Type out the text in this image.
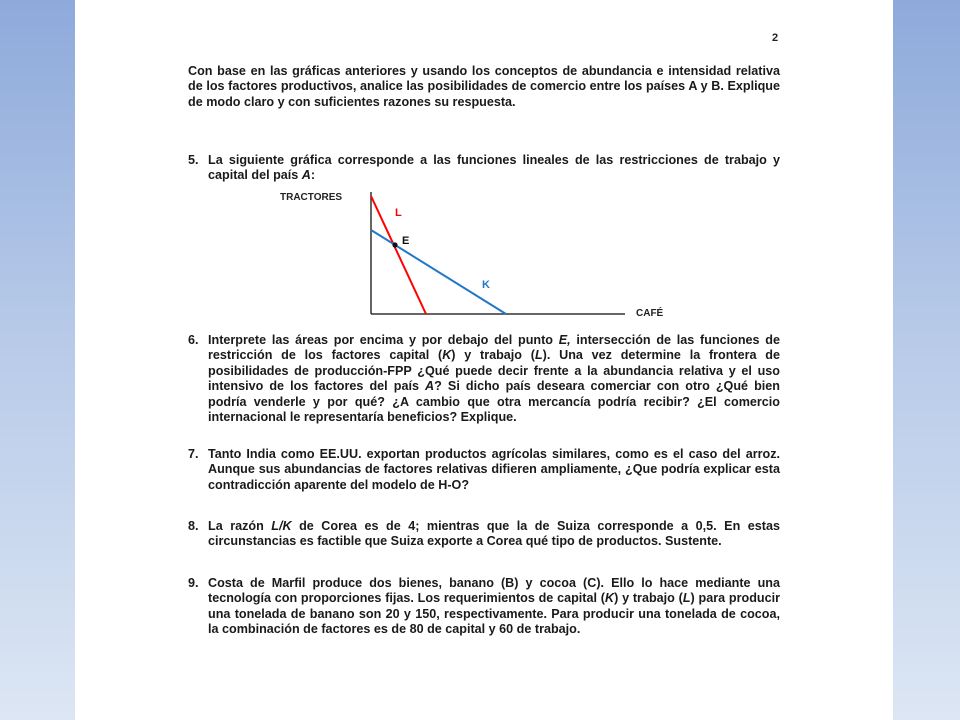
2
Con base en las gráficas anteriores y usando los conceptos de abundancia e intensidad relativa de los factores productivos, analice las posibilidades de comercio entre los países A y B. Explique de modo claro y con suficientes razones su respuesta.
5. La siguiente gráfica corresponde a las funciones lineales de las restricciones de trabajo y capital del país A:
TRACTORES
CAFÉ
L
K
E
6. Interprete las áreas por encima y por debajo del punto E, intersección de las funciones de restricción de los factores capital (K) y trabajo (L). Una vez determine la frontera de posibilidades de producción-FPP ¿Qué puede decir frente a la abundancia relativa y el uso intensivo de los factores del país A? Si dicho país deseara comerciar con otro ¿Qué bien podría venderle y por qué? ¿A cambio que otra mercancía podría recibir? ¿El comercio internacional le representaría beneficios? Explique.
7. Tanto India como EE.UU. exportan productos agrícolas similares, como es el caso del arroz. Aunque sus abundancias de factores relativas difieren ampliamente, ¿Que podría explicar esta contradicción aparente del modelo de H-O?
8. La razón L/K de Corea es de 4; mientras que la de Suiza corresponde a 0,5. En estas circunstancias es factible que Suiza exporte a Corea qué tipo de productos. Sustente.
9. Costa de Marfil produce dos bienes, banano (B) y cocoa (C). Ello lo hace mediante una tecnología con proporciones fijas. Los requerimientos de capital (K) y trabajo (L) para producir una tonelada de banano son 20 y 150, respectivamente. Para producir una tonelada de cocoa, la combinación de factores es de 80 de capital y 60 de trabajo.
